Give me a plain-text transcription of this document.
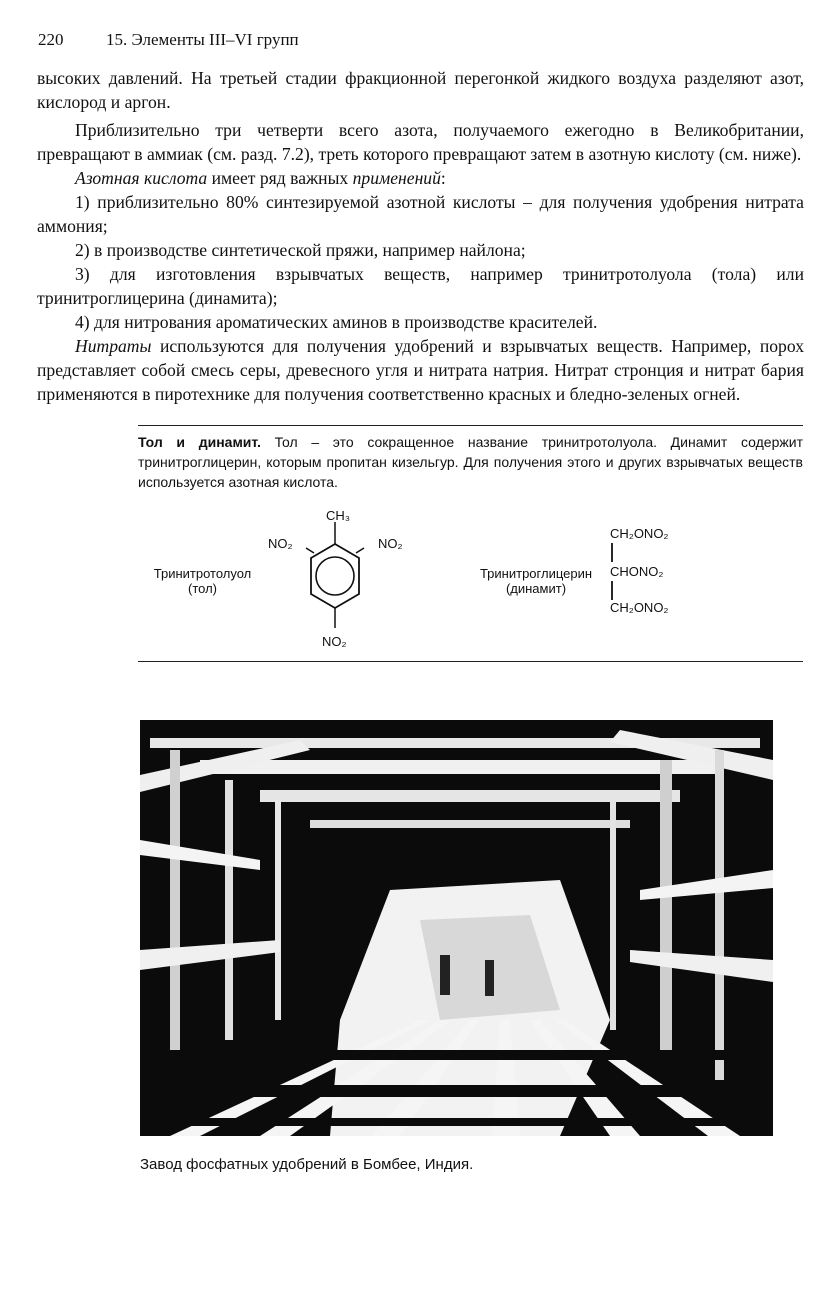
220	15. Элементы III–VI групп

высоких давлений. На третьей стадии фракционной перегонкой жидкого воздуха разделяют азот, кислород и аргон.

Приблизительно три четверти всего азота, получаемого ежегодно в Великобритании, превращают в аммиак (см. разд. 7.2), треть которого превращают затем в азотную кислоту (см. ниже).

Азотная кислота имеет ряд важных применений:

1) приблизительно 80% синтезируемой азотной кислоты – для получения удобрения нитрата аммония;

2) в производстве синтетической пряжи, например найлона;

3) для изготовления взрывчатых веществ, например тринитротолуола (тола) или тринитроглицерина (динамита);

4) для нитрования ароматических аминов в производстве красителей.

Нитраты используются для получения удобрений и взрывчатых веществ. Например, порох представляет собой смесь серы, древесного угля и нитрата натрия. Нитрат стронция и нитрат бария применяются в пиротехнике для получения соответственно красных и бледно-зеленых огней.

Тол и динамит. Тол – это сокращенное название тринитротолуола. Динамит содержит тринитроглицерин, которым пропитан кизельгур. Для получения этого и других взрывчатых веществ используется азотная кислота.
Тринитротолуол
(тол)
CH₃
NO₂	NO₂
NO₂
Тринитроглицерин
(динамит)
CH₂ONO₂
CHONO₂
CH₂ONO₂
Завод фосфатных удобрений в Бомбее, Индия.
